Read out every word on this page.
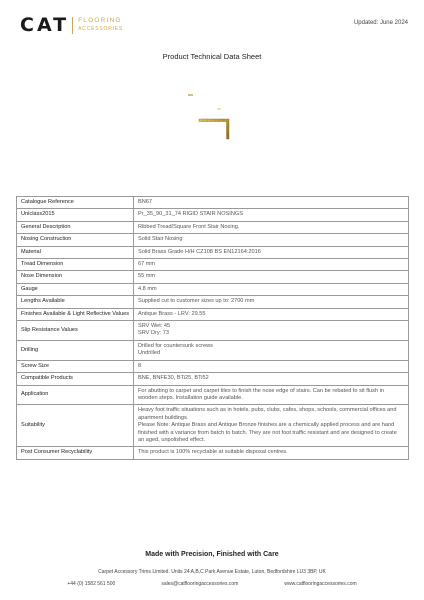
CAT FLOORING
ACCESSORIES
Updated: June 2024
Product Technical Data Sheet
Catalogue Reference	BN67
Uniclass2015	Pr_35_90_31_74 RIGID STAIR NOSINGS
General Description	Ribbed Tread/Square Front Stair Nosing.
Nosing Construction	Solid Stair Nosing
Material	Solid Brass Grade H/H CZ108 BS EN12164:2016
Tread Dimension	67 mm
Nose Dimension	55 mm
Gauge	4.8 mm
Lengths Available	Supplied cut to customer sizes up to: 2700 mm
Finishes Available & Light Reflective Values	Antique Brass - LRV: 29.55
Slip Resistance Values	SRV Wet: 45
SRV Dry: 73

Drilling	Drilled for countersunk screws
Undrilled

Screw Size	8
Compatible Products	BNE, BNFE30, BTi25, BTi52
Application	For abutting to carpet and carpet tiles to finish the nose edge of stairs. Can be rebated to sit flush in wooden steps. Installation guide available.
Suitability	Heavy foot traffic situations such as in hotels, pubs, clubs, cafes, shops, schools, commercial offices and apartment buildings.
Please Note: Antique Brass and Antique Bronze finishes are a chemically applied process and are hand finished with a variance from batch to batch. They are not foot traffic resistant and are designed to create an aged, unpolished effect.

Post Consumer Recyclability	This product is 100% recyclable at suitable disposal centres.
Made with Precision, Finished with Care
Carpet Accessory Trims Limited. Units 24 A,B,C Park Avenue Estate, Luton, Bedfordshire LU3 3BP, UK
+44 (0) 1582 561 500	sales@catflooringaccessories.com	www.catflooringaccessories.com
